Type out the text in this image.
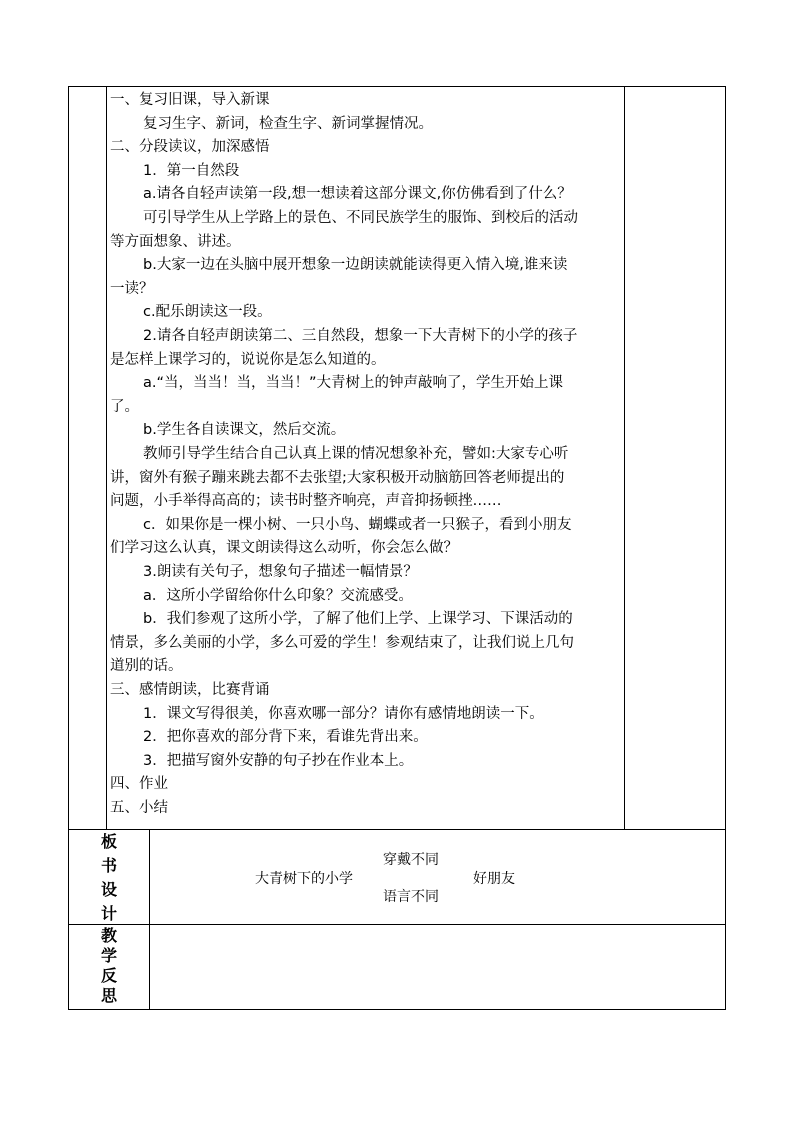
一、复习旧课，导入新课
复习生字、新词，检查生字、新词掌握情况。
二、分段读议，加深感悟
1．第一自然段
a.请各自轻声读第一段,想一想读着这部分课文,你仿佛看到了什么？
可引导学生从上学路上的景色、不同民族学生的服饰、到校后的活动
等方面想象、讲述。
b.大家一边在头脑中展开想象一边朗读就能读得更入情入境,谁来读
一读？
c.配乐朗读这一段。
2.请各自轻声朗读第二、三自然段，想象一下大青树下的小学的孩子
是怎样上课学习的，说说你是怎么知道的。
a.“当，当当！当，当当！”大青树上的钟声敲响了，学生开始上课
了。
b.学生各自读课文，然后交流。
教师引导学生结合自己认真上课的情况想象补充，譬如:大家专心听
讲，窗外有猴子蹦来跳去都不去张望;大家积极开动脑筋回答老师提出的
问题，小手举得高高的；读书时整齐响亮，声音抑扬顿挫……
c．如果你是一棵小树、一只小鸟、蝴蝶或者一只猴子，看到小朋友
们学习这么认真，课文朗读得这么动听，你会怎么做？
3.朗读有关句子，想象句子描述一幅情景？
a．这所小学留给你什么印象？交流感受。
b．我们参观了这所小学，了解了他们上学、上课学习、下课活动的
情景，多么美丽的小学，多么可爱的学生！参观结束了，让我们说上几句
道别的话。
三、感情朗读，比赛背诵
1．课文写得很美，你喜欢哪一部分？请你有感情地朗读一下。
2．把你喜欢的部分背下来，看谁先背出来。
3．把描写窗外安静的句子抄在作业本上。
四、作业
五、小结
板
书
设
计
穿戴不同
大青树下的小学	好朋友
语言不同
教
学
反
思
